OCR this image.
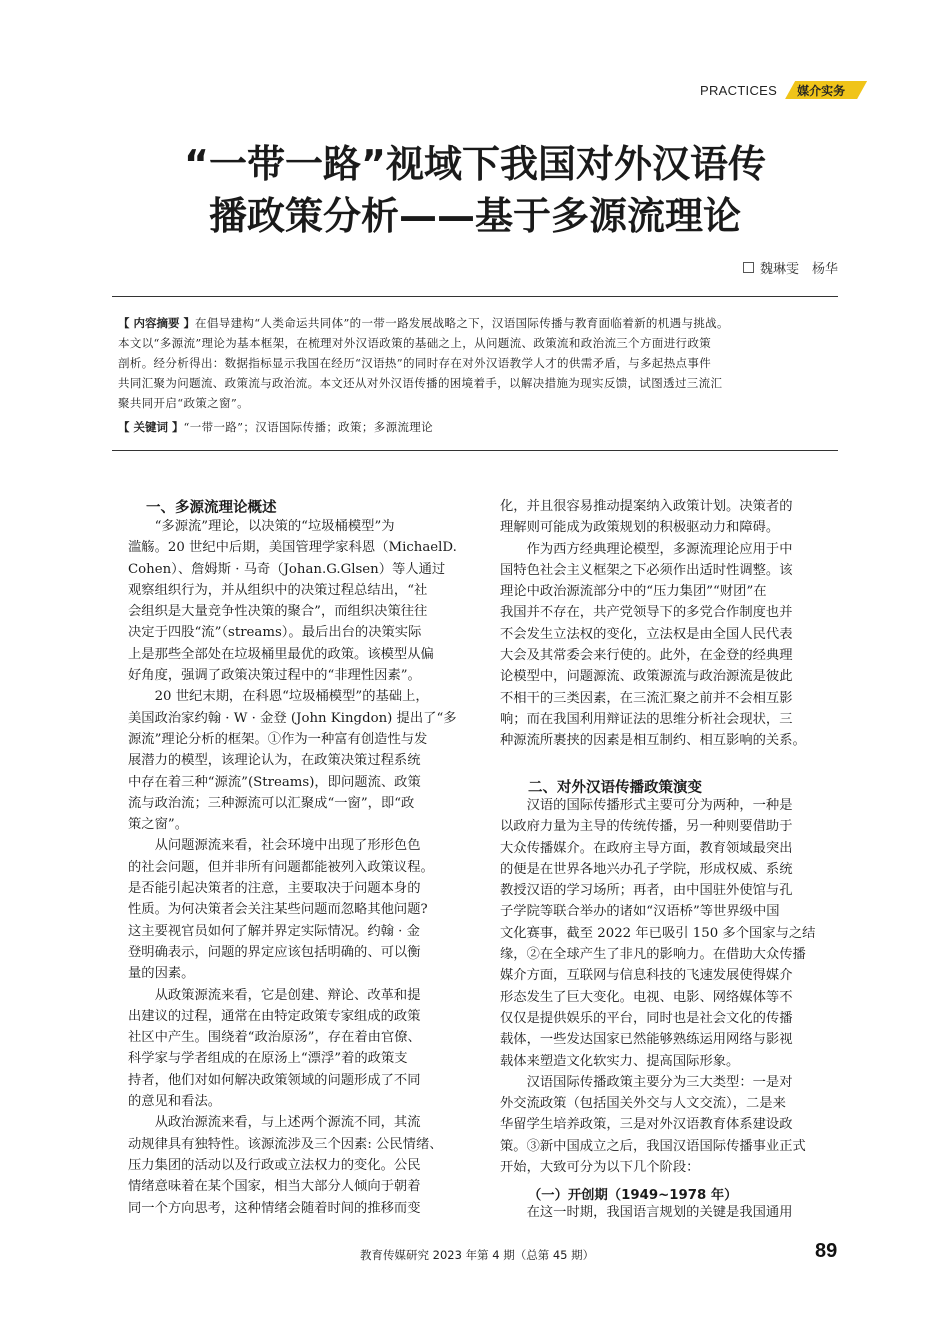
PRACTICES 媒介实务
“一带一路”视域下我国对外汉语传
播政策分析——基于多源流理论
魏琳雯　杨华
【 内容摘要 】在倡导建构“人类命运共同体”的一带一路发展战略之下，汉语国际传播与教育面临着新的机遇与挑战。
本文以“多源流”理论为基本框架，在梳理对外汉语政策的基础之上，从问题流、政策流和政治流三个方面进行政策
剖析。经分析得出：数据指标显示我国在经历“汉语热”的同时存在对外汉语教学人才的供需矛盾，与多起热点事件
共同汇聚为问题流、政策流与政治流。本文还从对外汉语传播的困境着手，以解决措施为现实反馈，试图透过三流汇
聚共同开启“政策之窗”。
【 关键词 】“一带一路”；汉语国际传播；政策；多源流理论
一、多源流理论概述
　　“多源流”理论，以决策的“垃圾桶模型”为
滥觞。20 世纪中后期，美国管理学家科恩（MichaelD.
Cohen）、詹姆斯 · 马奇（Johan.G.Glsen）等人通过
观察组织行为，并从组织中的决策过程总结出，“社
会组织是大量竞争性决策的聚合”，而组织决策往往
决定于四股“流”（streams）。最后出台的决策实际
上是那些全部处在垃圾桶里最优的政策。该模型从偏
好角度，强调了政策决策过程中的“非理性因素”。
　　20 世纪末期，在科恩“垃圾桶模型”的基础上，
美国政治家约翰 · W · 金登 (John Kingdon) 提出了“多
源流”理论分析的框架。①作为一种富有创造性与发
展潜力的模型，该理论认为，在政策决策过程系统
中存在着三种“源流”(Streams)，即问题流、政策
流与政治流；三种源流可以汇聚成“一窗”，即“政
策之窗”。
　　从问题源流来看，社会环境中出现了形形色色
的社会问题，但并非所有问题都能被列入政策议程。
是否能引起决策者的注意，主要取决于问题本身的
性质。为何决策者会关注某些问题而忽略其他问题?
这主要视官员如何了解并界定实际情况。约翰 · 金
登明确表示，问题的界定应该包括明确的、可以衡
量的因素。
　　从政策源流来看，它是创建、辩论、改革和提
出建议的过程，通常在由特定政策专家组成的政策
社区中产生。围绕着“政治原汤”，存在着由官僚、
科学家与学者组成的在原汤上“漂浮”着的政策支
持者，他们对如何解决政策领域的问题形成了不同
的意见和看法。
　　从政治源流来看，与上述两个源流不同，其流
动规律具有独特性。该源流涉及三个因素: 公民情绪、
压力集团的活动以及行政或立法权力的变化。公民
情绪意味着在某个国家，相当大部分人倾向于朝着
同一个方向思考，这种情绪会随着时间的推移而变
化，并且很容易推动提案纳入政策计划。决策者的
理解则可能成为政策规划的积极驱动力和障碍。
　　作为西方经典理论模型，多源流理论应用于中
国特色社会主义框架之下必须作出适时性调整。该
理论中政治源流部分中的“压力集团”“财团”在
我国并不存在，共产党领导下的多党合作制度也并
不会发生立法权的变化，立法权是由全国人民代表
大会及其常委会来行使的。此外，在金登的经典理
论模型中，问题源流、政策源流与政治源流是彼此
不相干的三类因素，在三流汇聚之前并不会相互影
响；而在我国利用辩证法的思维分析社会现状，三
种源流所裹挟的因素是相互制约、相互影响的关系。
二、对外汉语传播政策演变
　　汉语的国际传播形式主要可分为两种，一种是
以政府力量为主导的传统传播，另一种则要借助于
大众传播媒介。在政府主导方面，教育领域最突出
的便是在世界各地兴办孔子学院，形成权威、系统
教授汉语的学习场所；再者，由中国驻外使馆与孔
子学院等联合举办的诸如“汉语桥”等世界级中国
文化赛事，截至 2022 年已吸引 150 多个国家与之结
缘，②在全球产生了非凡的影响力。在借助大众传播
媒介方面，互联网与信息科技的飞速发展使得媒介
形态发生了巨大变化。电视、电影、网络媒体等不
仅仅是提供娱乐的平台，同时也是社会文化的传播
载体，一些发达国家已然能够熟练运用网络与影视
载体来塑造文化软实力、提高国际形象。
　　汉语国际传播政策主要分为三大类型：一是对
外交流政策（包括国关外交与人文交流），二是来
华留学生培养政策，三是对外汉语教育体系建设政
策。③新中国成立之后，我国汉语国际传播事业正式
开始，大致可分为以下几个阶段：
（一）开创期（1949~1978 年）
　　在这一时期，我国语言规划的关键是我国通用
教育传媒研究 2023 年第 4 期（总第 45 期）	89
